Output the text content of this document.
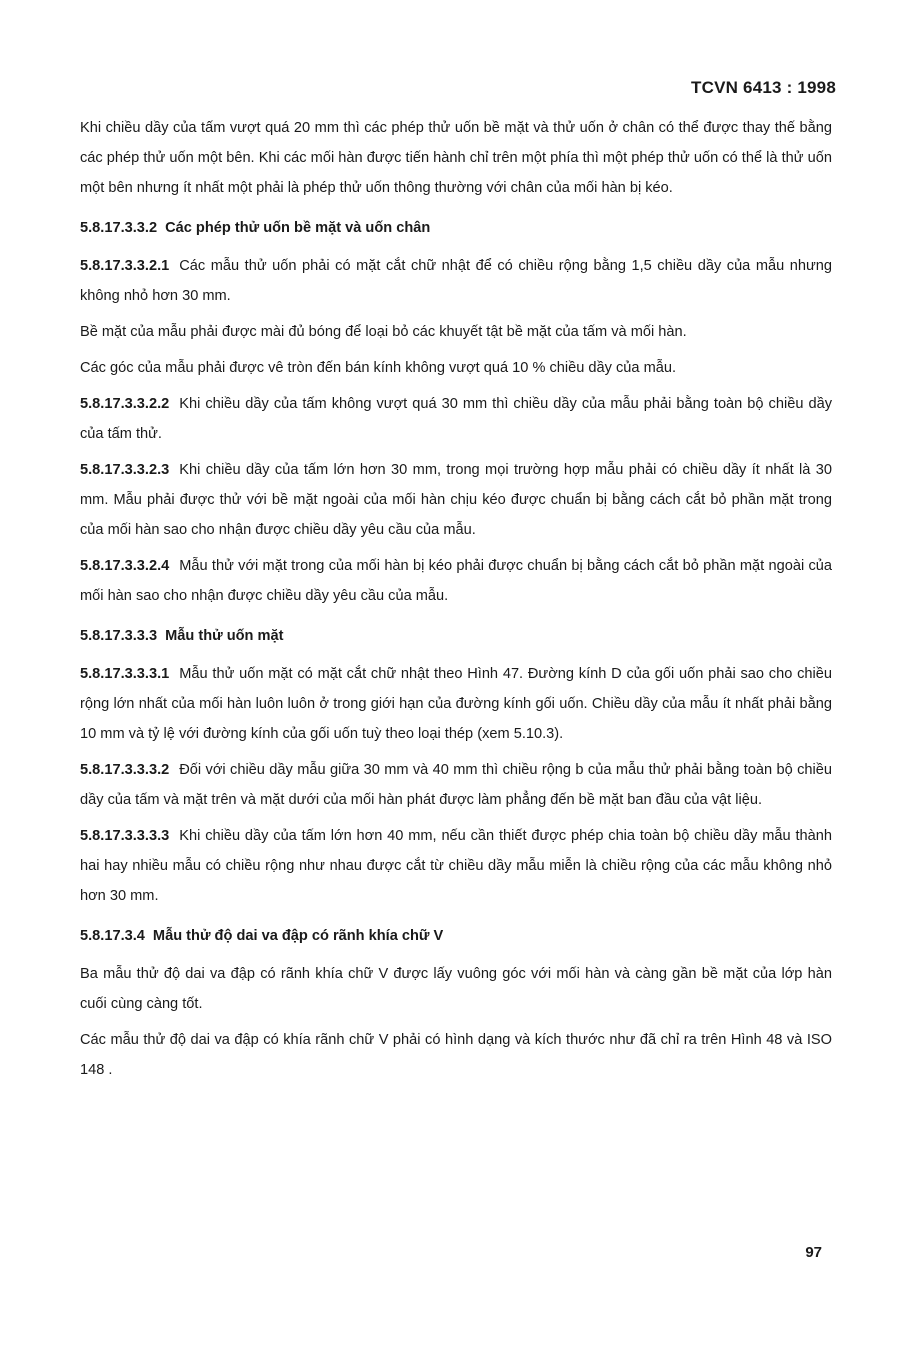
TCVN 6413 : 1998

Khi chiều dầy của tấm vượt quá 20 mm thì các phép thử uốn bề mặt và thử uốn ở chân có thể được thay thế bằng các phép thử uốn một bên. Khi các mối hàn được tiến hành chỉ trên một phía thì một phép thử uốn có thể là thử uốn một bên nhưng ít nhất một phải là phép thử uốn thông thường với chân của mối hàn bị kéo.

5.8.17.3.3.2 Các phép thử uốn bề mặt và uốn chân

5.8.17.3.3.2.1 Các mẫu thử uốn phải có mặt cắt chữ nhật để có chiều rộng bằng 1,5 chiều dầy của mẫu nhưng không nhỏ hơn 30 mm.

Bề mặt của mẫu phải được mài đủ bóng để loại bỏ các khuyết tật bề mặt của tấm và mối hàn.

Các góc của mẫu phải được vê tròn đến bán kính không vượt quá 10 % chiều dầy của mẫu.

5.8.17.3.3.2.2 Khi chiều dầy của tấm không vượt quá 30 mm thì chiều dầy của mẫu phải bằng toàn bộ chiều dầy của tấm thử.

5.8.17.3.3.2.3 Khi chiều dầy của tấm lớn hơn 30 mm, trong mọi trường hợp mẫu phải có chiều dầy ít nhất là 30 mm. Mẫu phải được thử với bề mặt ngoài của mối hàn chịu kéo được chuẩn bị bằng cách cắt bỏ phần mặt trong của mối hàn sao cho nhận được chiều dầy yêu cầu của mẫu.

5.8.17.3.3.2.4 Mẫu thử với mặt trong của mối hàn bị kéo phải được chuẩn bị bằng cách cắt bỏ phần mặt ngoài của mối hàn sao cho nhận được chiều dầy yêu cầu của mẫu.

5.8.17.3.3.3 Mẫu thử uốn mặt

5.8.17.3.3.3.1 Mẫu thử uốn mặt có mặt cắt chữ nhật theo Hình 47. Đường kính D của gối uốn phải sao cho chiều rộng lớn nhất của mối hàn luôn luôn ở trong giới hạn của đường kính gối uốn. Chiều dầy của mẫu ít nhất phải bằng 10 mm và tỷ lệ với đường kính của gối uốn tuỳ theo loại thép (xem 5.10.3).

5.8.17.3.3.3.2 Đối với chiều dầy mẫu giữa 30 mm và 40 mm thì chiều rộng b của mẫu thử phải bằng toàn bộ chiều dầy của tấm và mặt trên và mặt dưới của mối hàn phát được làm phẳng đến bề mặt ban đầu của vật liệu.

5.8.17.3.3.3.3 Khi chiều dầy của tấm lớn hơn 40 mm, nếu cần thiết được phép chia toàn bộ chiều dầy mẫu thành hai hay nhiều mẫu có chiều rộng như nhau được cắt từ chiều dầy mẫu miễn là chiều rộng của các mẫu không nhỏ hơn 30 mm.

5.8.17.3.4 Mẫu thử độ dai va đập có rãnh khía chữ V

Ba mẫu thử độ dai va đập có rãnh khía chữ V được lấy vuông góc với mối hàn và càng gần bề mặt của lớp hàn cuối cùng càng tốt.

Các mẫu thử độ dai va đập có khía rãnh chữ V phải có hình dạng và kích thước như đã chỉ ra trên Hình 48 và ISO 148 .

97
